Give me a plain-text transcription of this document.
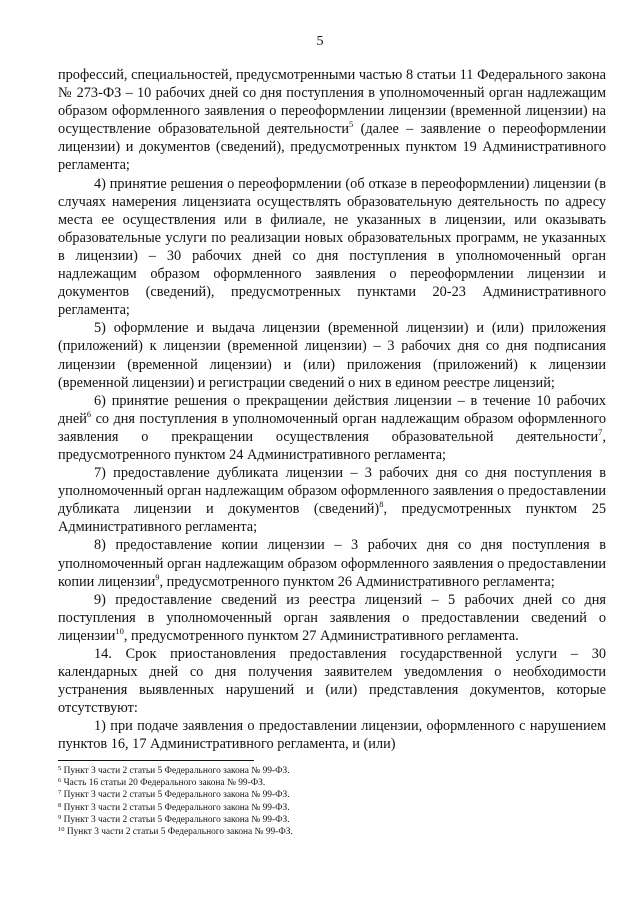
5

профессий, специальностей, предусмотренными частью 8 статьи 11 Федерального закона № 273-ФЗ – 10 рабочих дней со дня поступления в уполномоченный орган надлежащим образом оформленного заявления о переоформлении лицензии (временной лицензии) на осуществление образовательной деятельности$^5$ (далее – заявление о переоформлении лицензии) и документов (сведений), предусмотренных пунктом 19 Административного регламента;

4) принятие решения о переоформлении (об отказе в переоформлении) лицензии (в случаях намерения лицензиата осуществлять образовательную деятельность по адресу места ее осуществления или в филиале, не указанных в лицензии, или оказывать образовательные услуги по реализации новых образовательных программ, не указанных в лицензии) – 30 рабочих дней со дня поступления в уполномоченный орган надлежащим образом оформленного заявления о переоформлении лицензии и документов (сведений), предусмотренных пунктами 20-23 Административного регламента;

5) оформление и выдача лицензии (временной лицензии) и (или) приложения (приложений) к лицензии (временной лицензии) – 3 рабочих дня со дня подписания лицензии (временной лицензии) и (или) приложения (приложений) к лицензии (временной лицензии) и регистрации сведений о них в едином реестре лицензий;

6) принятие решения о прекращении действия лицензии – в течение 10 рабочих дней$^6$ со дня поступления в уполномоченный орган надлежащим образом оформленного заявления о прекращении осуществления образовательной деятельности$^7$, предусмотренного пунктом 24 Административного регламента;

7) предоставление дубликата лицензии – 3 рабочих дня со дня поступления в уполномоченный орган надлежащим образом оформленного заявления о предоставлении дубликата лицензии и документов (сведений)$^8$, предусмотренных пунктом 25 Административного регламента;

8) предоставление копии лицензии – 3 рабочих дня со дня поступления в уполномоченный орган надлежащим образом оформленного заявления о предоставлении копии лицензии$^9$, предусмотренного пунктом 26 Административного регламента;

9) предоставление сведений из реестра лицензий – 5 рабочих дней со дня поступления в уполномоченный орган заявления о предоставлении сведений о лицензии$^{10}$, предусмотренного пунктом 27 Административного регламента.

14. Срок приостановления предоставления государственной услуги – 30 календарных дней со дня получения заявителем уведомления о необходимости устранения выявленных нарушений и (или) представления документов, которые отсутствуют:

1) при подаче заявления о предоставлении лицензии, оформленного с нарушением пунктов 16, 17 Административного регламента, и (или)

$^5$ Пункт 3 части 2 статьи 5 Федерального закона № 99-ФЗ.
$^6$ Часть 16 статьи 20 Федерального закона № 99-ФЗ.
$^7$ Пункт 3 части 2 статьи 5 Федерального закона № 99-ФЗ.
$^8$ Пункт 3 части 2 статьи 5 Федерального закона № 99-ФЗ.
$^9$ Пункт 3 части 2 статьи 5 Федерального закона № 99-ФЗ.
$^{10}$ Пункт 3 части 2 статьи 5 Федерального закона № 99-ФЗ.
